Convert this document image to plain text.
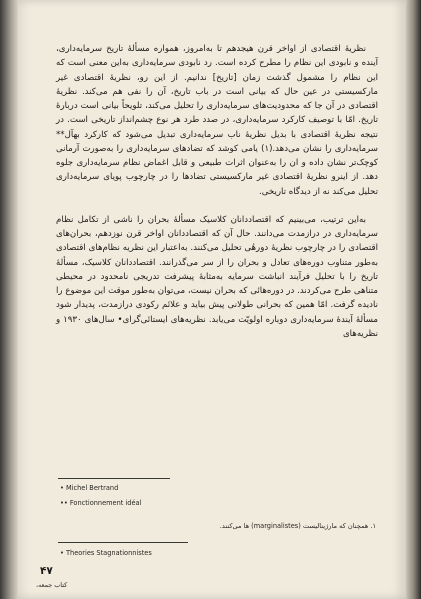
نظریهٔ اقتصادی از اواخر قرن هیجدهم تا به‌امروز، همواره مسألهٔ تاریخ سرمایه‌داری، آینده و نابودی این نظام را مطرح کرده است. رد نابودی سرمایه‌داری به‌این معنی است که این نظام را مشمول گذشت زمان [تاریخ] ندانیم. از این رو، نظریهٔ اقتصادی غیر مارکسیستی در عین حال که بیانی است در باب تاریخ، آن را نفی هم می‌کند. نظریهٔ اقتصادی در آن جا که محدودیت‌های سرمایه‌داری را تحلیل می‌کند، تلویحاً بیانی است دربارهٔ تاریخ. امّا با توصیف کارکرد سرمایه‌داری، در صدد طرد هر نوع چشم‌انداز تاریخی است. در نتیجه نظریهٔ اقتصادی با بدیل نظریهٔ ناب سرمایه‌داری تبدیل می‌شود که کارکرد بهآل** سرمایه‌داری را نشان می‌دهد.(۱) یامی کوشد که تضادهای سرمایه‌داری را به‌صورت آرمانی کوچک‌تر نشان داده و ان را به‌عنوان اثرات طبیعی و قابل اغماض نظام سرمایه‌داری جلوه دهد. از اینرو نظریهٔ اقتصادی غیر مارکسیستی تضادها را در چارچوب پویای سرمایه‌داری تحلیل می‌کند نه از دیدگاه تاریخی.

به‌این ترتیب، می‌بینیم که اقتصاددانان کلاسیک مسألهٔ بحران را ناشی از تکامل نظام سرمایه‌داری در درازمدت می‌دانند. حال آن که اقتصاددانان اواخر قرن نوزدهم، بحران‌های اقتصادی را در چارچوب نظریهٔ دورهٔی تحلیل می‌کنند. به‌اعتبار این نظریه نظام‌های اقتصادی به‌طور متناوب دوره‌های تعادل و بحران را از سر می‌گذرانند. اقتصاددانان کلاسیک، مسألهٔ تاریخ را با تحلیل فرآیند انباشت سرمایه به‌مثابهٔ پیشرفت تدریجی نامحدود در محیطی متناهی طرح می‌کردند. در دوره‌هائی که بحران نیست، می‌توان به‌طور موقت این موضوع را نادیده گرفت. امّا همین که بحرانی طولانی پیش بیاید و علائم رکودی درازمدت، پدیدار شود مسألهٔ آیندهٔ سرمایه‌داری دوباره اولویّت می‌یابد. نظریه‌های ایستائی‌گرای• سال‌های ۱۹۳۰ و نظریه‌های

• Michel Bertrand
•• Fonctionnement idéal
۱. همچنان که مارژینالیست (marginalistes) ها می‌کنند.
• Theories Stagnationnistes
۴۷
کتاب جمعه،
